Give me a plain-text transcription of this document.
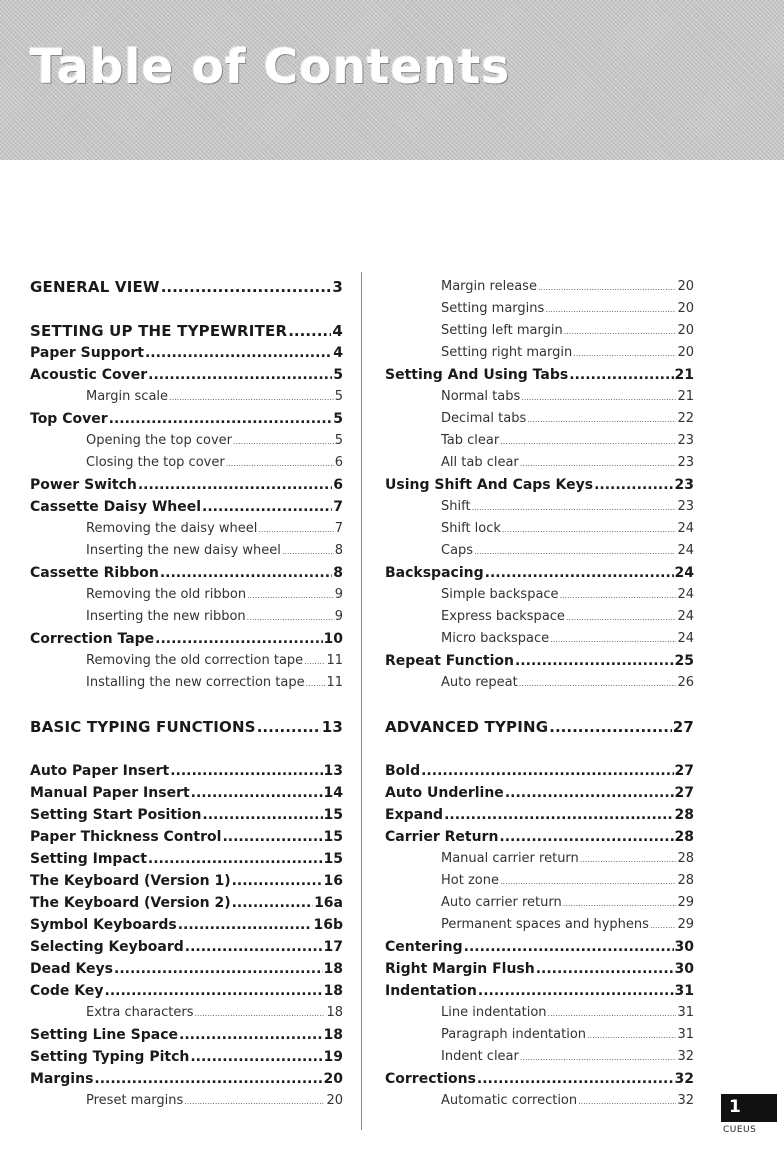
Table of Contents
GENERAL VIEW .....	3
SETTING UP THE TYPEWRITER .....	4
Paper Support .....	4
Acoustic Cover .....	5
Margin scale .....	5
Top Cover .....	5
Opening the top cover .....	5
Closing the top cover .....	6
Power Switch .....	6
Cassette Daisy Wheel .....	7
Removing the daisy wheel .....	7
Inserting the new daisy wheel .....	8
Cassette Ribbon .....	8
Removing the old ribbon .....	9
Inserting the new ribbon .....	9
Correction Tape .....	10
Removing the old correction tape ..... 11
Installing the new correction tape ..... 11
BASIC TYPING FUNCTIONS .....	13
Auto Paper Insert .....	13
Manual Paper Insert .....	14
Setting Start Position .....	15
Paper Thickness Control .....	15
Setting Impact .....	15
The Keyboard (Version 1) .....	16
The Keyboard (Version 2) .....	16a
Symbol Keyboards .....	16b
Selecting Keyboard .....	17
Dead Keys .....	18
Code Key .....	18
Extra characters .....	18
Setting Line Space .....	18
Setting Typing Pitch .....	19
Margins .....	20
Preset margins .....	20
Margin release .....	20
Setting margins .....	20
Setting left margin .....	20
Setting right margin .....	20
Setting And Using Tabs .....	21
Normal tabs .....	21
Decimal tabs .....	22
Tab clear .....	23
All tab clear .....	23
Using Shift And Caps Keys .....	23
Shift .....	23
Shift lock .....	24
Caps .....	24
Backspacing .....	24
Simple backspace .....	24
Express backspace .....	24
Micro backspace .....	24
Repeat Function .....	25
Auto repeat .....	26
ADVANCED TYPING .....	27
Bold .....	27
Auto Underline .....	27
Expand .....	28
Carrier Return .....	28
Manual carrier return .....	28
Hot zone .....	28
Auto carrier return .....	29
Permanent spaces and hyphens ..... 29
Centering .....	30
Right Margin Flush .....	30
Indentation .....	31
Line indentation .....	31
Paragraph indentation .....	31
Indent clear .....	32
Corrections .....	32
Automatic correction .....	32 1
CUEUS
